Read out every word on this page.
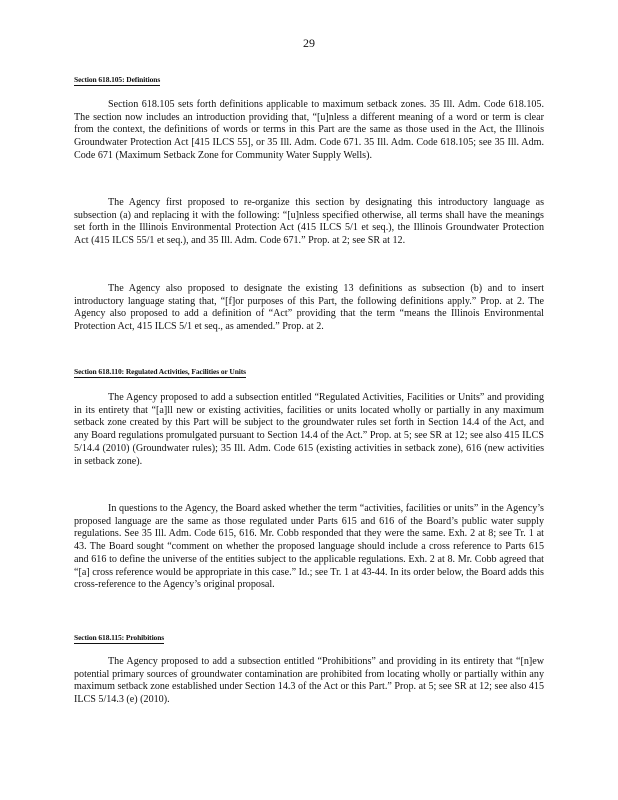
29
Section 618.105: Definitions

Section 618.105 sets forth definitions applicable to maximum setback zones. 35 Ill. Adm. Code 618.105. The section now includes an introduction providing that, “[u]nless a different meaning of a word or term is clear from the context, the definitions of words or terms in this Part are the same as those used in the Act, the Illinois Groundwater Protection Act [415 ILCS 55], or 35 Ill. Adm. Code 671. 35 Ill. Adm. Code 618.105; see 35 Ill. Adm. Code 671 (Maximum Setback Zone for Community Water Supply Wells).

The Agency first proposed to re-organize this section by designating this introductory language as subsection (a) and replacing it with the following: “[u]nless specified otherwise, all terms shall have the meanings set forth in the Illinois Environmental Protection Act (415 ILCS 5/1 et seq.), the Illinois Groundwater Protection Act (415 ILCS 55/1 et seq.), and 35 Ill. Adm. Code 671.” Prop. at 2; see SR at 12.

The Agency also proposed to designate the existing 13 definitions as subsection (b) and to insert introductory language stating that, “[f]or purposes of this Part, the following definitions apply.” Prop. at 2. The Agency also proposed to add a definition of “Act” providing that the term “means the Illinois Environmental Protection Act, 415 ILCS 5/1 et seq., as amended.” Prop. at 2.

Section 618.110: Regulated Activities, Facilities or Units

The Agency proposed to add a subsection entitled “Regulated Activities, Facilities or Units” and providing in its entirety that “[a]ll new or existing activities, facilities or units located wholly or partially in any maximum setback zone created by this Part will be subject to the groundwater rules set forth in Section 14.4 of the Act, and any Board regulations promulgated pursuant to Section 14.4 of the Act.” Prop. at 5; see SR at 12; see also 415 ILCS 5/14.4 (2010) (Groundwater rules); 35 Ill. Adm. Code 615 (existing activities in setback zone), 616 (new activities in setback zone).

In questions to the Agency, the Board asked whether the term “activities, facilities or units” in the Agency’s proposed language are the same as those regulated under Parts 615 and 616 of the Board’s public water supply regulations. See 35 Ill. Adm. Code 615, 616. Mr. Cobb responded that they were the same. Exh. 2 at 8; see Tr. 1 at 43. The Board sought “comment on whether the proposed language should include a cross reference to Parts 615 and 616 to define the universe of the entities subject to the applicable regulations. Exh. 2 at 8. Mr. Cobb agreed that “[a] cross reference would be appropriate in this case.” Id.; see Tr. 1 at 43-44. In its order below, the Board adds this cross-reference to the Agency’s original proposal.

Section 618.115: Prohibitions

The Agency proposed to add a subsection entitled “Prohibitions” and providing in its entirety that “[n]ew potential primary sources of groundwater contamination are prohibited from locating wholly or partially within any maximum setback zone established under Section 14.3 of the Act or this Part.” Prop. at 5; see SR at 12; see also 415 ILCS 5/14.3 (e) (2010).
